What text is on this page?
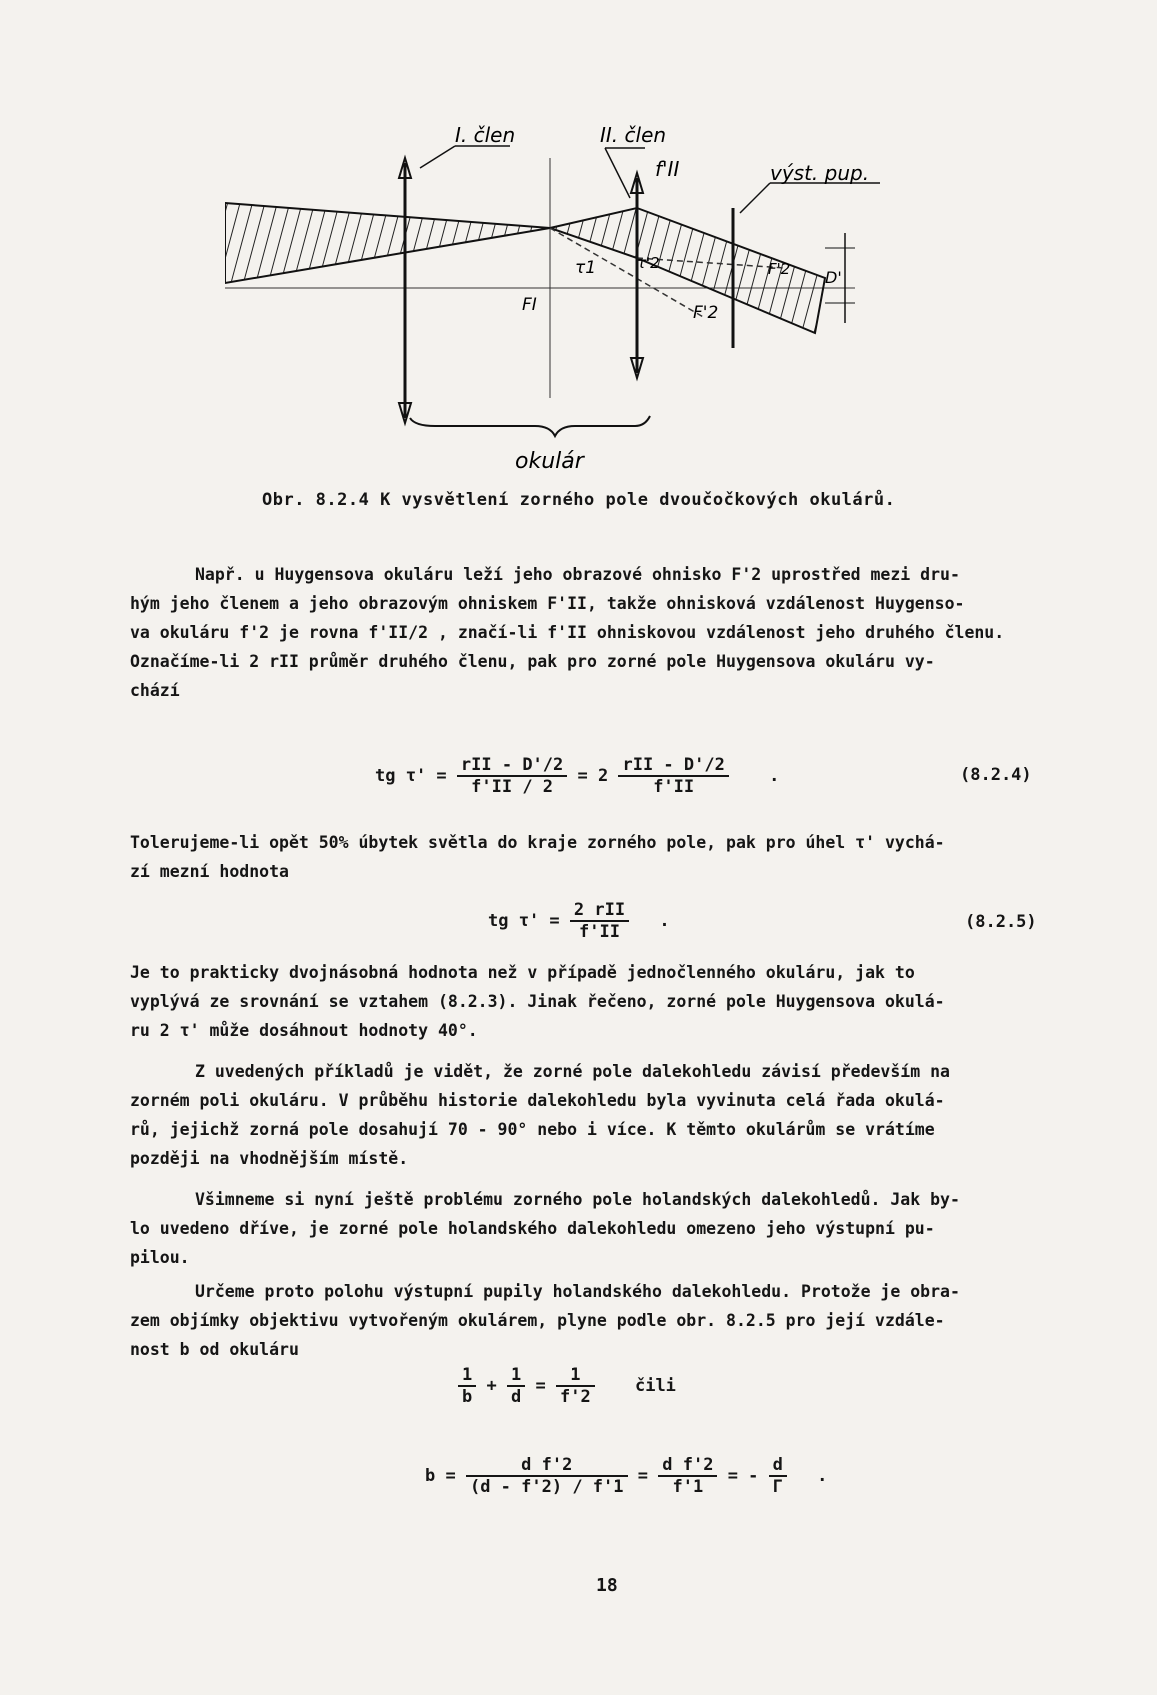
I. člen	II. člen
f'II	výst. pup.
FI	F'2
F'2
τ1	τ'2
D'
okulár
Obr. 8.2.4 K vysvětlení zorného pole dvoučočkových okulárů.
Např. u Huygensova okuláru leží jeho obrazové ohnisko F'2 uprostřed mezi dru-
hým jeho členem a jeho obrazovým ohniskem F'II, takže ohnisková vzdálenost Huygenso-
va okuláru f'2 je rovna f'II/2 , značí-li f'II ohniskovou vzdálenost jeho druhého členu.
Označíme-li 2 rII průměr druhého členu, pak pro zorné pole Huygensova okuláru vy-
chází
tg $\tau' = \frac{\text{rII - D'/2}}{f'II / 2} = 2 \frac{\text{rII - D'/2}}{f'II}$ .	(8.2.4)
Tolerujeme-li opět 50% úbytek světla do kraje zorného pole, pak pro úhel τ' vychá-
zí mezní hodnota
tg $\tau' = \frac{\text{2 rII}}{f'II}$ .	(8.2.5)
Je to prakticky dvojnásobná hodnota než v případě jednočlenného okuláru, jak to
vyplývá ze srovnání se vztahem (8.2.3). Jinak řečeno, zorné pole Huygensova okulá-
ru 2 τ' může dosáhnout hodnoty 40°.
Z uvedených příkladů je vidět, že zorné pole dalekohledu závisí především na
zorném poli okuláru. V průběhu historie dalekohledu byla vyvinuta celá řada okulá-
rů, jejichž zorná pole dosahují 70 - 90° nebo i více. K těmto okulárům se vrátíme
později na vhodnějším místě.
Všimneme si nyní ještě problému zorného pole holandských dalekohledů. Jak by-
lo uvedeno dříve, je zorné pole holandského dalekohledu omezeno jeho výstupní pu-
pilou.
Určeme proto polohu výstupní pupily holandského dalekohledu. Protože je obra-
zem objímky objektivu vytvořeným okulárem, plyne podle obr. 8.2.5 pro její vzdále-
nost b od okuláru
$\frac{1}{b} + \frac{1}{d} = \frac{1}{f'2}$ čili
$b = \frac{\text{d f'2}}{(d - f'2) / f'1} = \frac{\text{d f'2}}{f'1}$ = - $\frac{d}{\Gamma}$ .
18
